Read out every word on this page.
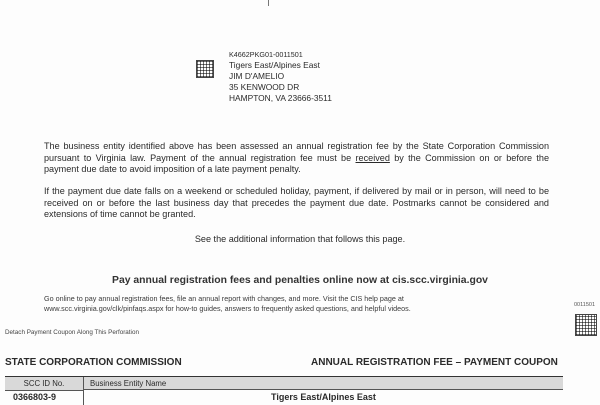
K4662PKG01-0011501
Tigers East/Alpines East
JIM D'AMELIO
35 KENWOOD DR
HAMPTON, VA 23666-3511
The business entity identified above has been assessed an annual registration fee by the State Corporation Commission pursuant to Virginia law. Payment of the annual registration fee must be received by the Commission on or before the payment due date to avoid imposition of a late payment penalty.
If the payment due date falls on a weekend or scheduled holiday, payment, if delivered by mail or in person, will need to be received on or before the last business day that precedes the payment due date. Postmarks cannot be considered and extensions of time cannot be granted.
See the additional information that follows this page.
Pay annual registration fees and penalties online now at cis.scc.virginia.gov
Go online to pay annual registration fees, file an annual report with changes, and more. Visit the CIS help page at
www.scc.virginia.gov/clk/pinfaqs.aspx for how-to guides, answers to frequently asked questions, and helpful videos.	0011501
Detach Payment Coupon Along This Perforation
STATE CORPORATION COMMISSION	ANNUAL REGISTRATION FEE – PAYMENT COUPON
SCC ID No.	Business Entity Name
0366803-9	Tigers East/Alpines East
